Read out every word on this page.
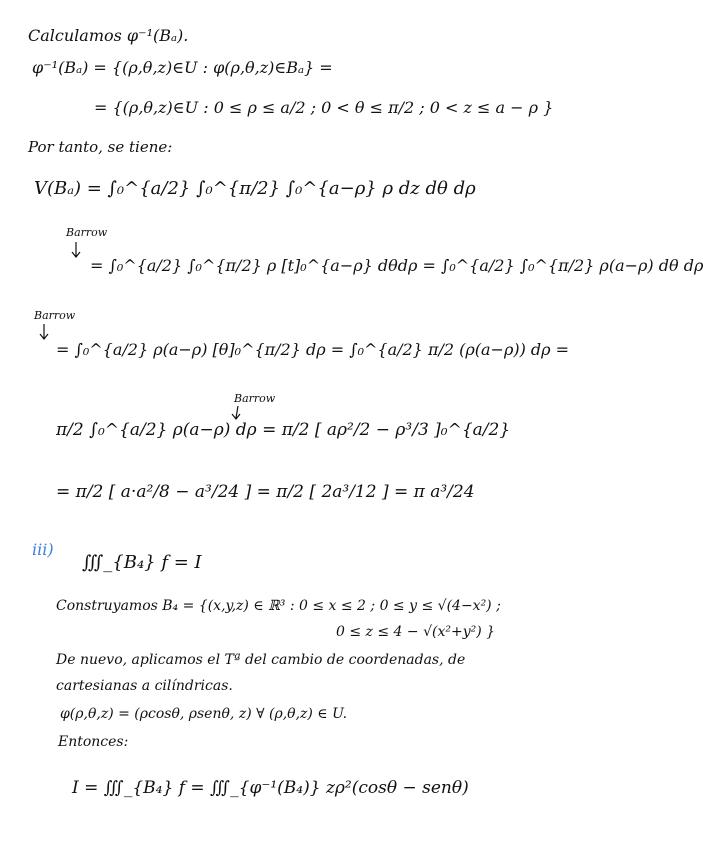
Calculamos φ⁻¹(Bₐ).
φ⁻¹(Bₐ) = {(ρ,θ,z)∈U : φ(ρ,θ,z)∈Bₐ} =
= {(ρ,θ,z)∈U : 0 ≤ ρ ≤ a/2 ; 0 < θ ≤ π/2 ; 0 < z ≤ a − ρ }
Por tanto, se tiene:
V(Bₐ) = ∫₀^{a/2} ∫₀^{π/2} ∫₀^{a−ρ} ρ dz dθ dρ
Barrow
= ∫₀^{a/2} ∫₀^{π/2} ρ [t]₀^{a−ρ} dθdρ = ∫₀^{a/2} ∫₀^{π/2} ρ(a−ρ) dθ dρ
Barrow
= ∫₀^{a/2} ρ(a−ρ) [θ]₀^{π/2} dρ = ∫₀^{a/2} π/2 (ρ(a−ρ)) dρ =
Barrow
π/2 ∫₀^{a/2} ρ(a−ρ) dρ = π/2 [ aρ²/2 − ρ³/3 ]₀^{a/2}
= π/2 [ a·a²/8 − a³/24 ] = π/2 [ 2a³/12 ] = π a³/24
iii)
∭_{B₄} f = I
Construyamos B₄ = {(x,y,z) ∈ ℝ³ : 0 ≤ x ≤ 2 ; 0 ≤ y ≤ √(4−x²) ;
0 ≤ z ≤ 4 − √(x²+y²) }
De nuevo, aplicamos el Tª del cambio de coordenadas, de
cartesianas a cilíndricas.
φ(ρ,θ,z) = (ρcosθ, ρsenθ, z) ∀ (ρ,θ,z) ∈ U.
Entonces:
I = ∭_{B₄} f = ∭_{φ⁻¹(B₄)} zρ²(cosθ − senθ)
